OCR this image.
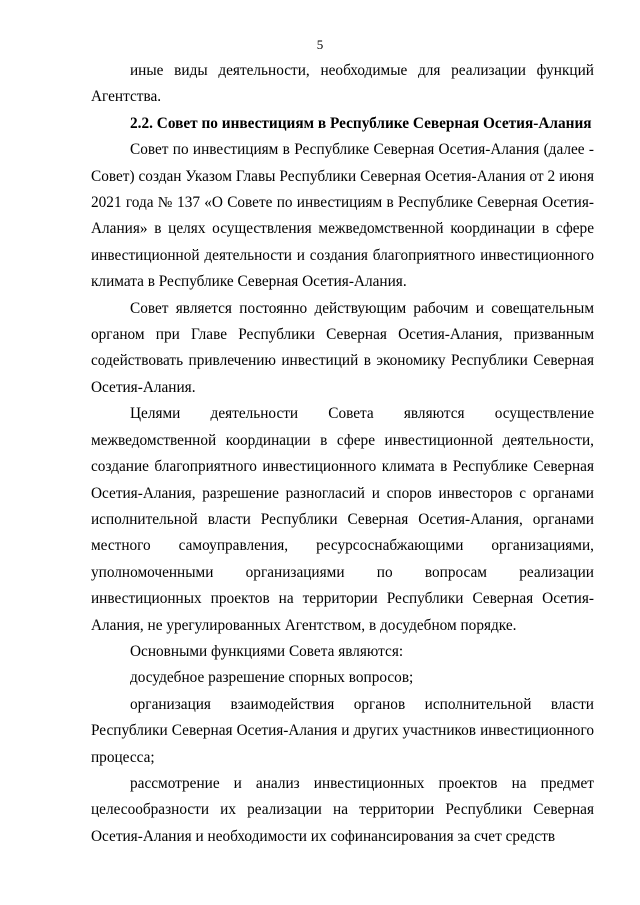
5

иные виды деятельности, необходимые для реализации функций Агентства.

2.2. Совет по инвестициям в Республике Северная Осетия-Алания

Совет по инвестициям в Республике Северная Осетия-Алания (далее - Совет) создан Указом Главы Республики Северная Осетия-Алания от 2 июня 2021 года № 137 «О Совете по инвестициям в Республике Северная Осетия-Алания» в целях осуществления межведомственной координации в сфере инвестиционной деятельности и создания благоприятного инвестиционного климата в Республике Северная Осетия-Алания.

Совет является постоянно действующим рабочим и совещательным органом при Главе Республики Северная Осетия-Алания, призванным содействовать привлечению инвестиций в экономику Республики Северная Осетия-Алания.

Целями деятельности Совета являются осуществление межведомственной координации в сфере инвестиционной деятельности, создание благоприятного инвестиционного климата в Республике Северная Осетия-Алания, разрешение разногласий и споров инвесторов с органами исполнительной власти Республики Северная Осетия-Алания, органами местного самоуправления, ресурсоснабжающими организациями, уполномоченными организациями по вопросам реализации инвестиционных проектов на территории Республики Северная Осетия-Алания, не урегулированных Агентством, в досудебном порядке.

Основными функциями Совета являются:

досудебное разрешение спорных вопросов;

организация взаимодействия органов исполнительной власти Республики Северная Осетия-Алания и других участников инвестиционного процесса;

рассмотрение и анализ инвестиционных проектов на предмет целесообразности их реализации на территории Республики Северная Осетия-Алания и необходимости их софинансирования за счет средств
